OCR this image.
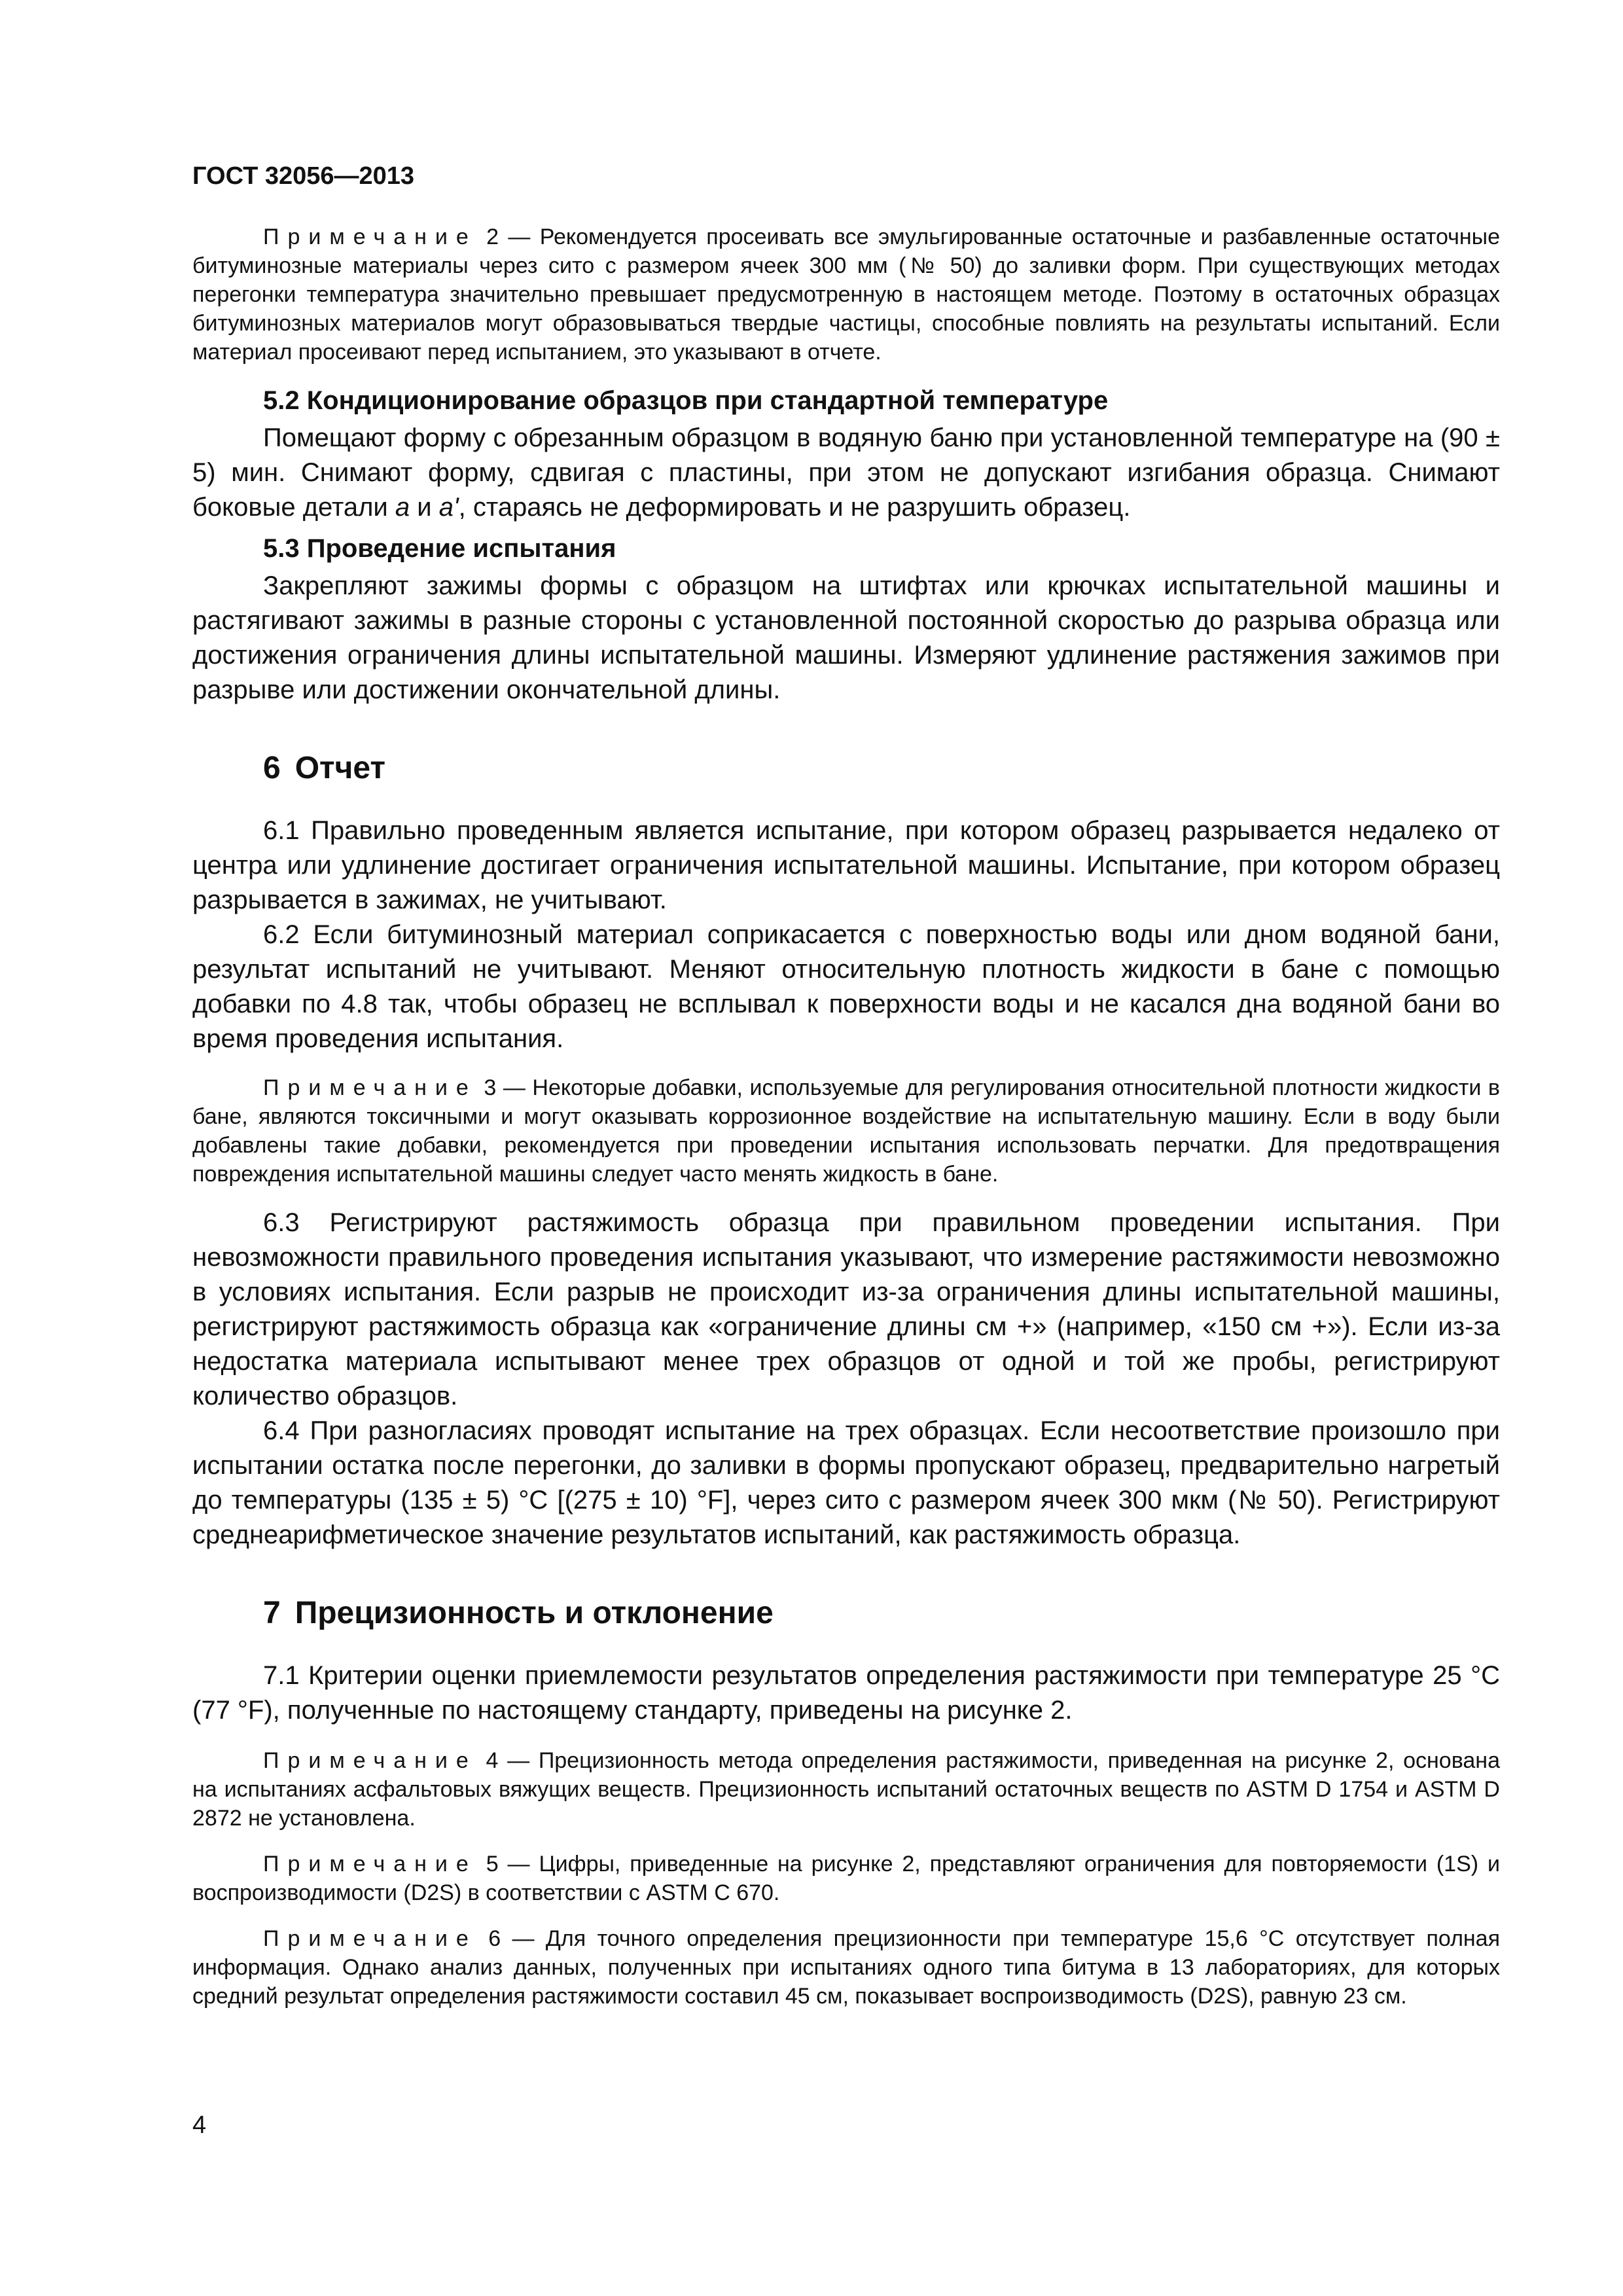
ГОСТ 32056—2013

Примечание 2 — Рекомендуется просеивать все эмульгированные остаточные и разбавленные остаточные битуминозные материалы через сито с размером ячеек 300 мм (№ 50) до заливки форм. При существующих методах перегонки температура значительно превышает предусмотренную в настоящем методе. Поэтому в остаточных образцах битуминозных материалов могут образовываться твердые частицы, способные повлиять на результаты испытаний. Если материал просеивают перед испытанием, это указывают в отчете.

5.2 Кондиционирование образцов при стандартной температуре

Помещают форму с обрезанным образцом в водяную баню при установленной температуре на (90 ± 5) мин. Снимают форму, сдвигая с пластины, при этом не допускают изгибания образца. Снимают боковые детали а и а', стараясь не деформировать и не разрушить образец.

5.3 Проведение испытания

Закрепляют зажимы формы с образцом на штифтах или крючках испытательной машины и растягивают зажимы в разные стороны с установленной постоянной скоростью до разрыва образца или достижения ограничения длины испытательной машины. Измеряют удлинение растяжения зажимов при разрыве или достижении окончательной длины.

6 Отчет

6.1 Правильно проведенным является испытание, при котором образец разрывается недалеко от центра или удлинение достигает ограничения испытательной машины. Испытание, при котором образец разрывается в зажимах, не учитывают.

6.2 Если битуминозный материал соприкасается с поверхностью воды или дном водяной бани, результат испытаний не учитывают. Меняют относительную плотность жидкости в бане с помощью добавки по 4.8 так, чтобы образец не всплывал к поверхности воды и не касался дна водяной бани во время проведения испытания.

Примечание 3 — Некоторые добавки, используемые для регулирования относительной плотности жидкости в бане, являются токсичными и могут оказывать коррозионное воздействие на испытательную машину. Если в воду были добавлены такие добавки, рекомендуется при проведении испытания использовать перчатки. Для предотвращения повреждения испытательной машины следует часто менять жидкость в бане.

6.3 Регистрируют растяжимость образца при правильном проведении испытания. При невозможности правильного проведения испытания указывают, что измерение растяжимости невозможно в условиях испытания. Если разрыв не происходит из-за ограничения длины испытательной машины, регистрируют растяжимость образца как «ограничение длины см +» (например, «150 см +»). Если из-за недостатка материала испытывают менее трех образцов от одной и той же пробы, регистрируют количество образцов.

6.4 При разногласиях проводят испытание на трех образцах. Если несоответствие произошло при испытании остатка после перегонки, до заливки в формы пропускают образец, предварительно нагретый до температуры (135 ± 5) °С [(275 ± 10) °F], через сито с размером ячеек 300 мкм (№ 50). Регистрируют среднеарифметическое значение результатов испытаний, как растяжимость образца.

7 Прецизионность и отклонение

7.1 Критерии оценки приемлемости результатов определения растяжимости при температуре 25 °С (77 °F), полученные по настоящему стандарту, приведены на рисунке 2.

Примечание 4 — Прецизионность метода определения растяжимости, приведенная на рисунке 2, основана на испытаниях асфальтовых вяжущих веществ. Прецизионность испытаний остаточных веществ по ASTM D 1754 и ASTM D 2872 не установлена.

Примечание 5 — Цифры, приведенные на рисунке 2, представляют ограничения для повторяемости (1S) и воспроизводимости (D2S) в соответствии с ASTM C 670.

Примечание 6 — Для точного определения прецизионности при температуре 15,6 °С отсутствует полная информация. Однако анализ данных, полученных при испытаниях одного типа битума в 13 лабораториях, для которых средний результат определения растяжимости составил 45 см, показывает воспроизводимость (D2S), равную 23 см.

4
